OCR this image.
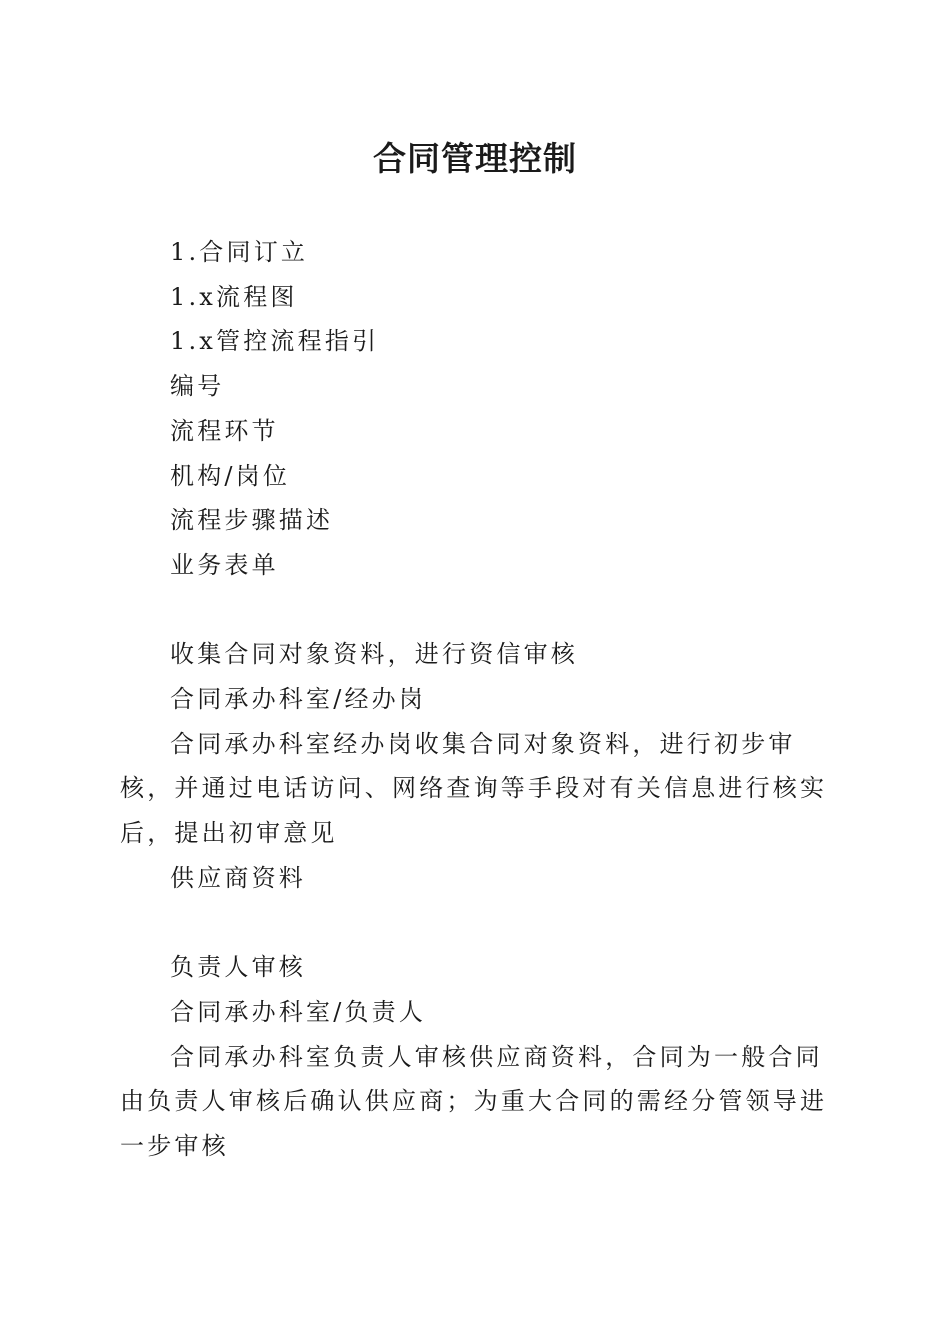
合同管理控制

1.合同订立

1.x流程图

1.x管控流程指引

编号

流程环节

机构/岗位

流程步骤描述

业务表单

收集合同对象资料，进行资信审核

合同承办科室/经办岗

合同承办科室经办岗收集合同对象资料，进行初步审核，并通过电话访问、网络查询等手段对有关信息进行核实后，提出初审意见

供应商资料

负责人审核

合同承办科室/负责人

合同承办科室负责人审核供应商资料，合同为一般合同由负责人审核后确认供应商；为重大合同的需经分管领导进一步审核
